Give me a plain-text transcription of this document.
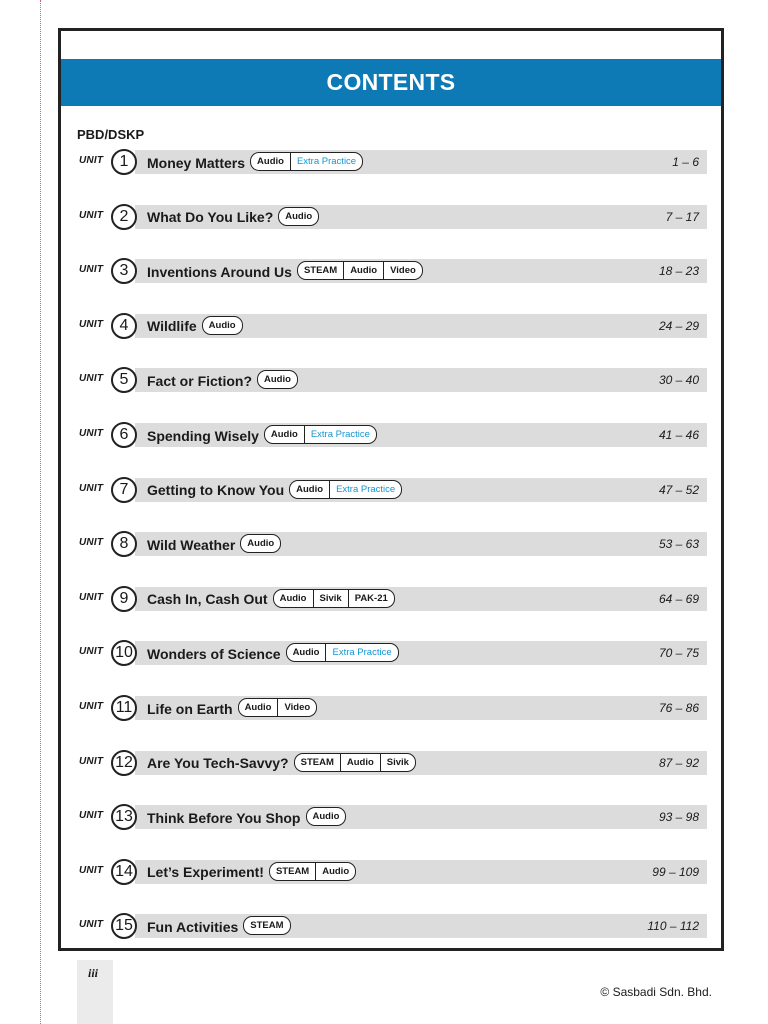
CONTENTS
PBD/DSKP
UNIT	1	Money Matters	Audio	Extra Practice	1 – 6
UNIT	2	What Do You Like?	Audio	7 – 17
UNIT	3	Inventions Around Us	STEAM	Audio	Video	18 – 23
UNIT	4	Wildlife	Audio	24 – 29
UNIT	5	Fact or Fiction?	Audio	30 – 40
UNIT	6	Spending Wisely	Audio	Extra Practice	41 – 46
UNIT	7	Getting to Know You	Audio	Extra Practice	47 – 52
UNIT	8	Wild Weather	Audio	53 – 63
UNIT	9	Cash In, Cash Out	Audio	Sivik	PAK-21	64 – 69
UNIT 10 Wonders of Science	Audio	Extra Practice	70 – 75
UNIT 11	Life on Earth	Audio	Video	76 – 86
UNIT 12 Are You Tech-Savvy?	STEAM	Audio	Sivik	87 – 92
UNIT 13 Think Before You Shop	Audio	93 – 98
UNIT 14 Let’s Experiment!	STEAM	Audio	99 – 109
UNIT 15 Fun Activities	STEAM	110 – 112
iii
© Sasbadi Sdn. Bhd.
